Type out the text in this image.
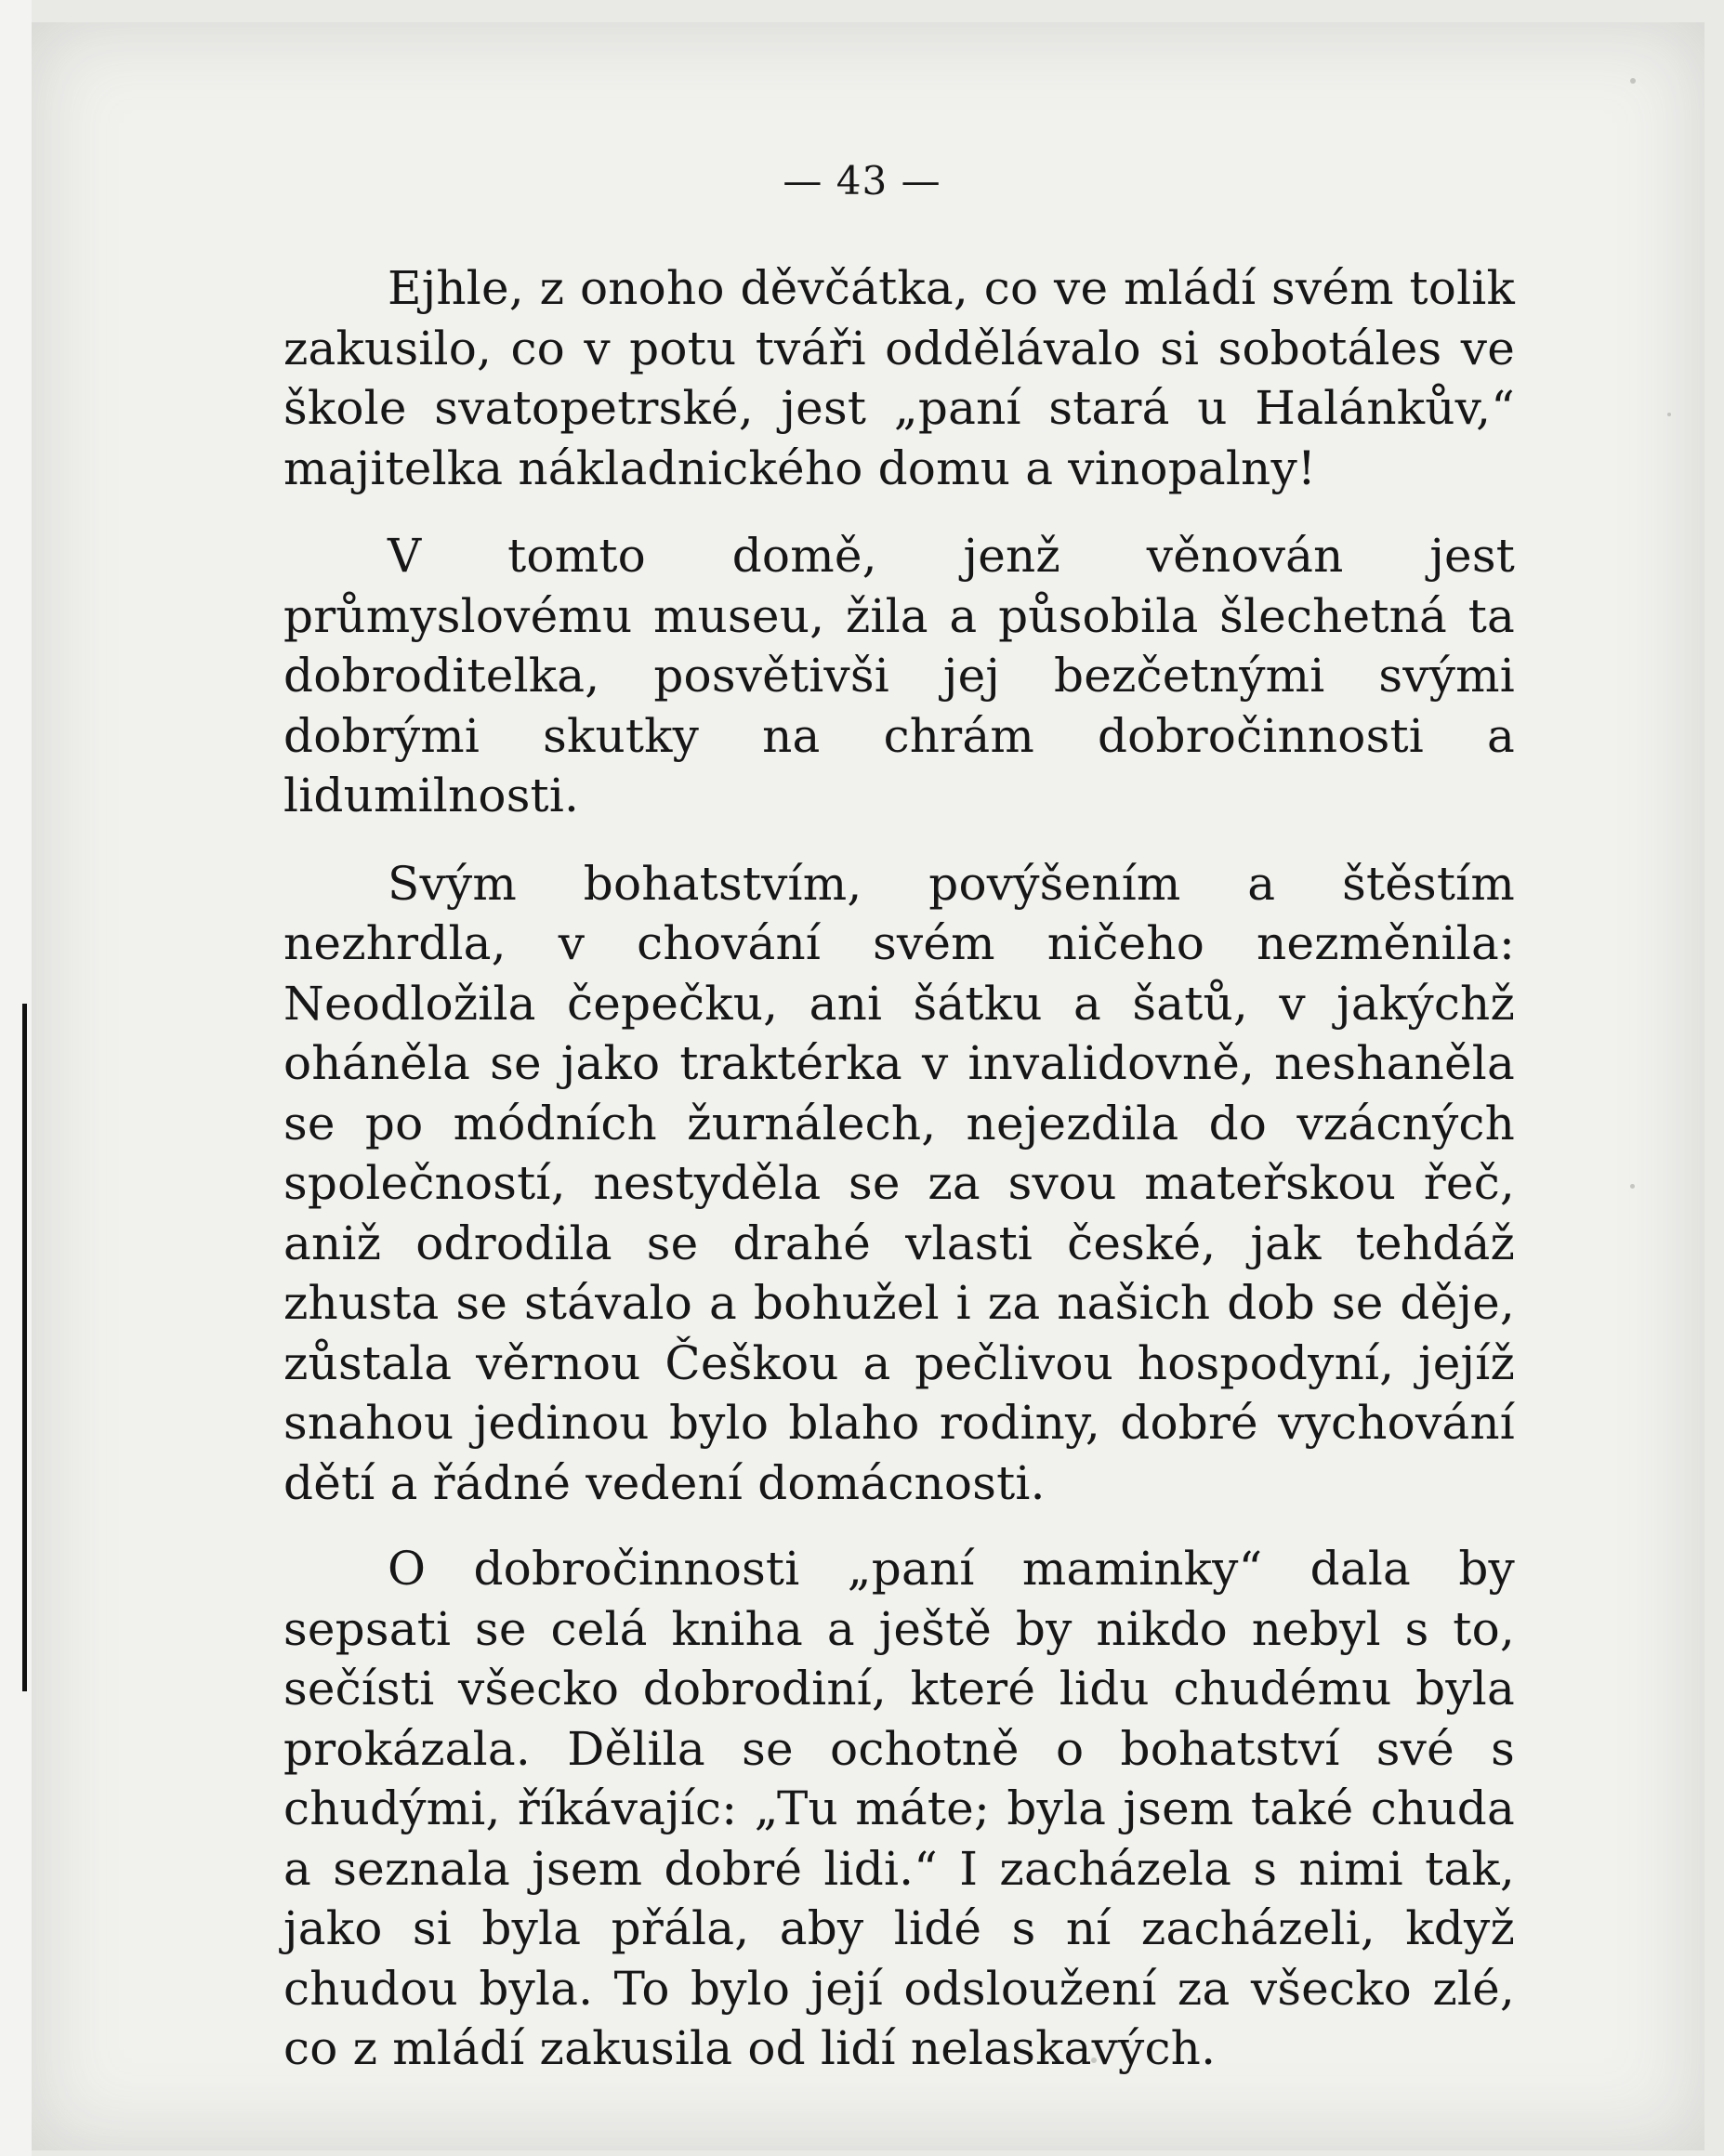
— 43 —

Ejhle, z onoho děvčátka, co ve mládí svém tolik zakusilo, co v potu tváři oddělávalo si sobotáles ve škole svatopetrské, jest „paní stará u Halánkův,“ majitelka nákladnického domu a vinopalny!

V tomto domě, jenž věnován jest průmyslovému museu, žila a působila šlechetná ta dobroditelka, posvětivši jej bezčetnými svými dobrými skutky na chrám dobročinnosti a lidumilnosti.

Svým bohatstvím, povýšením a štěstím nezhrdla, v chování svém ničeho nezměnila: Neodložila čepečku, ani šátku a šatů, v jakýchž oháněla se jako traktérka v invalidovně, neshaněla se po módních žurnálech, nejezdila do vzácných společností, nestyděla se za svou mateřskou řeč, aniž odrodila se drahé vlasti české, jak tehdáž zhusta se stávalo a bohužel i za našich dob se děje, zůstala věrnou Češkou a pečlivou hospodyní, jejíž snahou jedinou bylo blaho rodiny, dobré vychování dětí a řádné vedení domácnosti.

O dobročinnosti „paní maminky“ dala by sepsati se celá kniha a ještě by nikdo nebyl s to, sečísti všecko dobrodiní, které lidu chudému byla prokázala. Dělila se ochotně o bohatství své s chudými, říkávajíc: „Tu máte; byla jsem také chuda a seznala jsem dobré lidi.“ I zacházela s nimi tak, jako si byla přála, aby lidé s ní zacházeli, když chudou byla. To bylo její odsloužení za všecko zlé, co z mládí zakusila od lidí nelaskavých.
